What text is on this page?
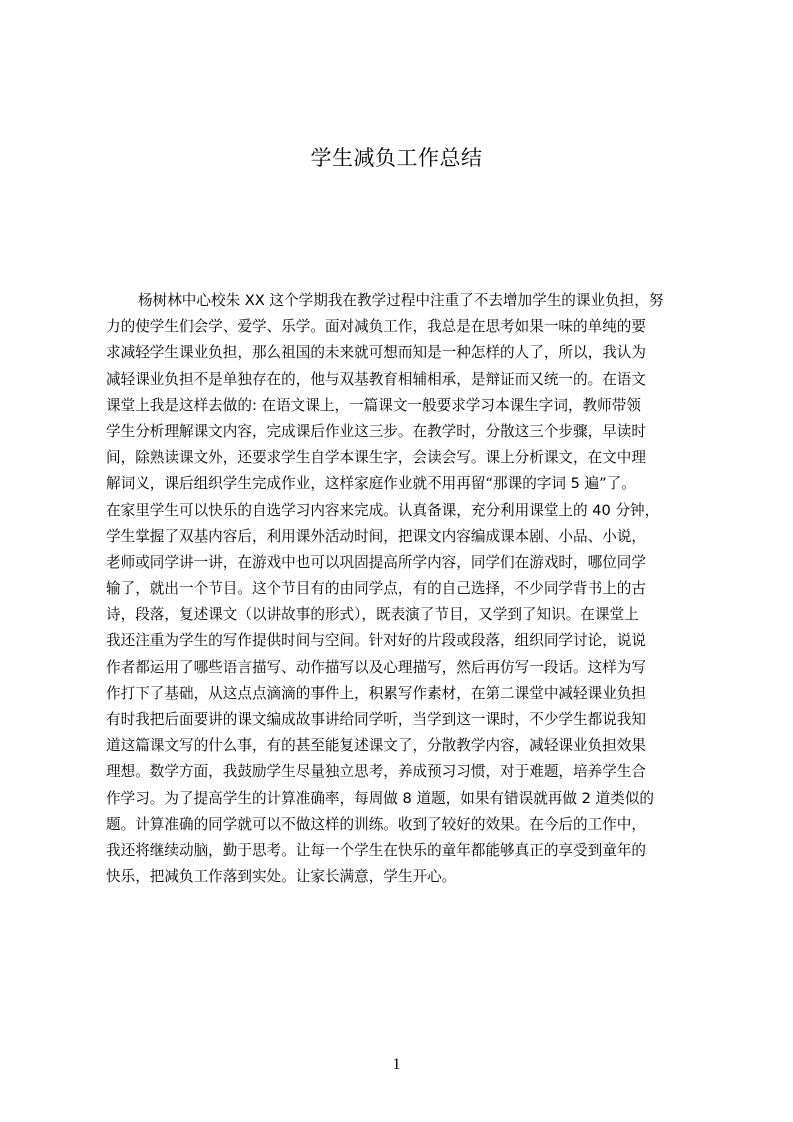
学生减负工作总结
杨树林中心校朱 XX 这个学期我在教学过程中注重了不去增加学生的课业负担，努
力的使学生们会学、爱学、乐学。面对减负工作，我总是在思考如果一味的单纯的要
求减轻学生课业负担，那么祖国的未来就可想而知是一种怎样的人了，所以，我认为
减轻课业负担不是单独存在的，他与双基教育相辅相承，是辩证而又统一的。在语文
课堂上我是这样去做的: 在语文课上，一篇课文一般要求学习本课生字词，教师带领
学生分析理解课文内容，完成课后作业这三步。在教学时，分散这三个步骤，早读时
间，除熟读课文外，还要求学生自学本课生字，会读会写。课上分析课文，在文中理
解词义，课后组织学生完成作业，这样家庭作业就不用再留“那课的字词 5 遍”了。
在家里学生可以快乐的自选学习内容来完成。认真备课，充分利用课堂上的 40 分钟，
学生掌握了双基内容后，利用课外活动时间，把课文内容编成课本剧、小品、小说，
老师或同学讲一讲，在游戏中也可以巩固提高所学内容，同学们在游戏时，哪位同学
输了，就出一个节目。这个节目有的由同学点，有的自己选择，不少同学背书上的古
诗，段落，复述课文（以讲故事的形式），既表演了节目，又学到了知识。在课堂上
我还注重为学生的写作提供时间与空间。针对好的片段或段落，组织同学讨论，说说
作者都运用了哪些语言描写、动作描写以及心理描写，然后再仿写一段话。这样为写
作打下了基础，从这点点滴滴的事件上，积累写作素材，在第二课堂中减轻课业负担
有时我把后面要讲的课文编成故事讲给同学听，当学到这一课时，不少学生都说我知
道这篇课文写的什么事，有的甚至能复述课文了，分散教学内容，减轻课业负担效果
理想。数学方面，我鼓励学生尽量独立思考，养成预习习惯，对于难题，培养学生合
作学习。为了提高学生的计算准确率，每周做 8 道题，如果有错误就再做 2 道类似的
题。计算准确的同学就可以不做这样的训练。收到了较好的效果。在今后的工作中，
我还将继续动脑，勤于思考。让每一个学生在快乐的童年都能够真正的享受到童年的
快乐，把减负工作落到实处。让家长满意，学生开心。
1
